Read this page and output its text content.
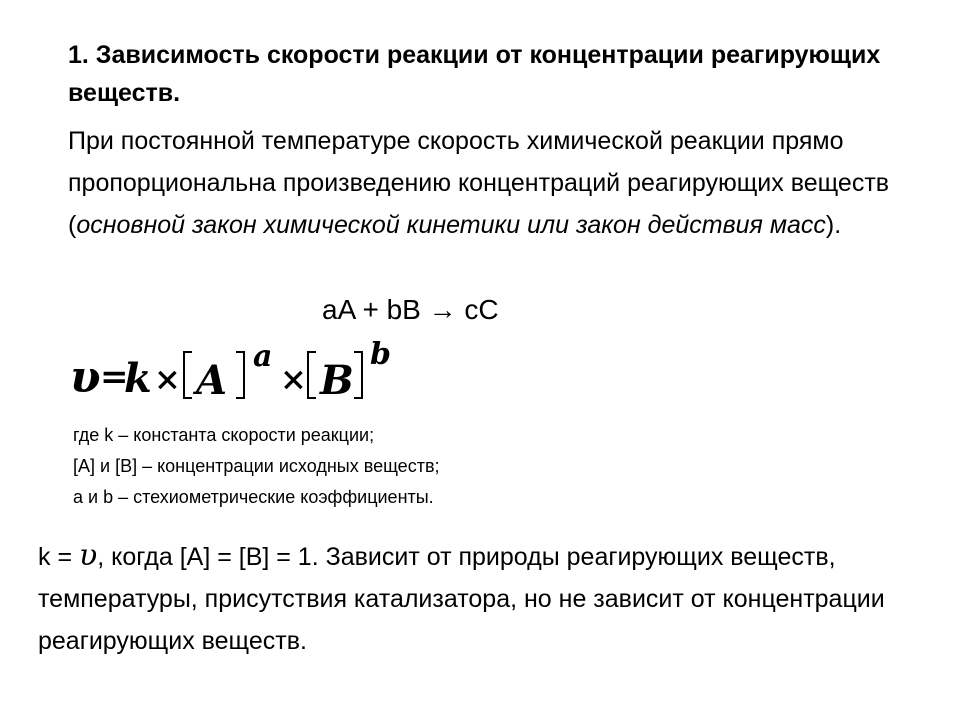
1. Зависимость скорости реакции от концентрации реагирующих веществ.
При постоянной температуре скорость химической реакции прямо пропорциональна произведению концентраций реагирующих веществ (основной закон химической кинетики или закон действия масс).
aA + bB → cC
υ =
k × A
a
× B
b
где k – константа скорости реакции;
[А] и [В] – концентрации исходных веществ;
а и b – стехиометрические коэффициенты.
k = υ, когда [А] = [В] = 1. Зависит от природы реагирующих веществ, температуры, присутствия катализатора, но не зависит от концентрации реагирующих веществ.
